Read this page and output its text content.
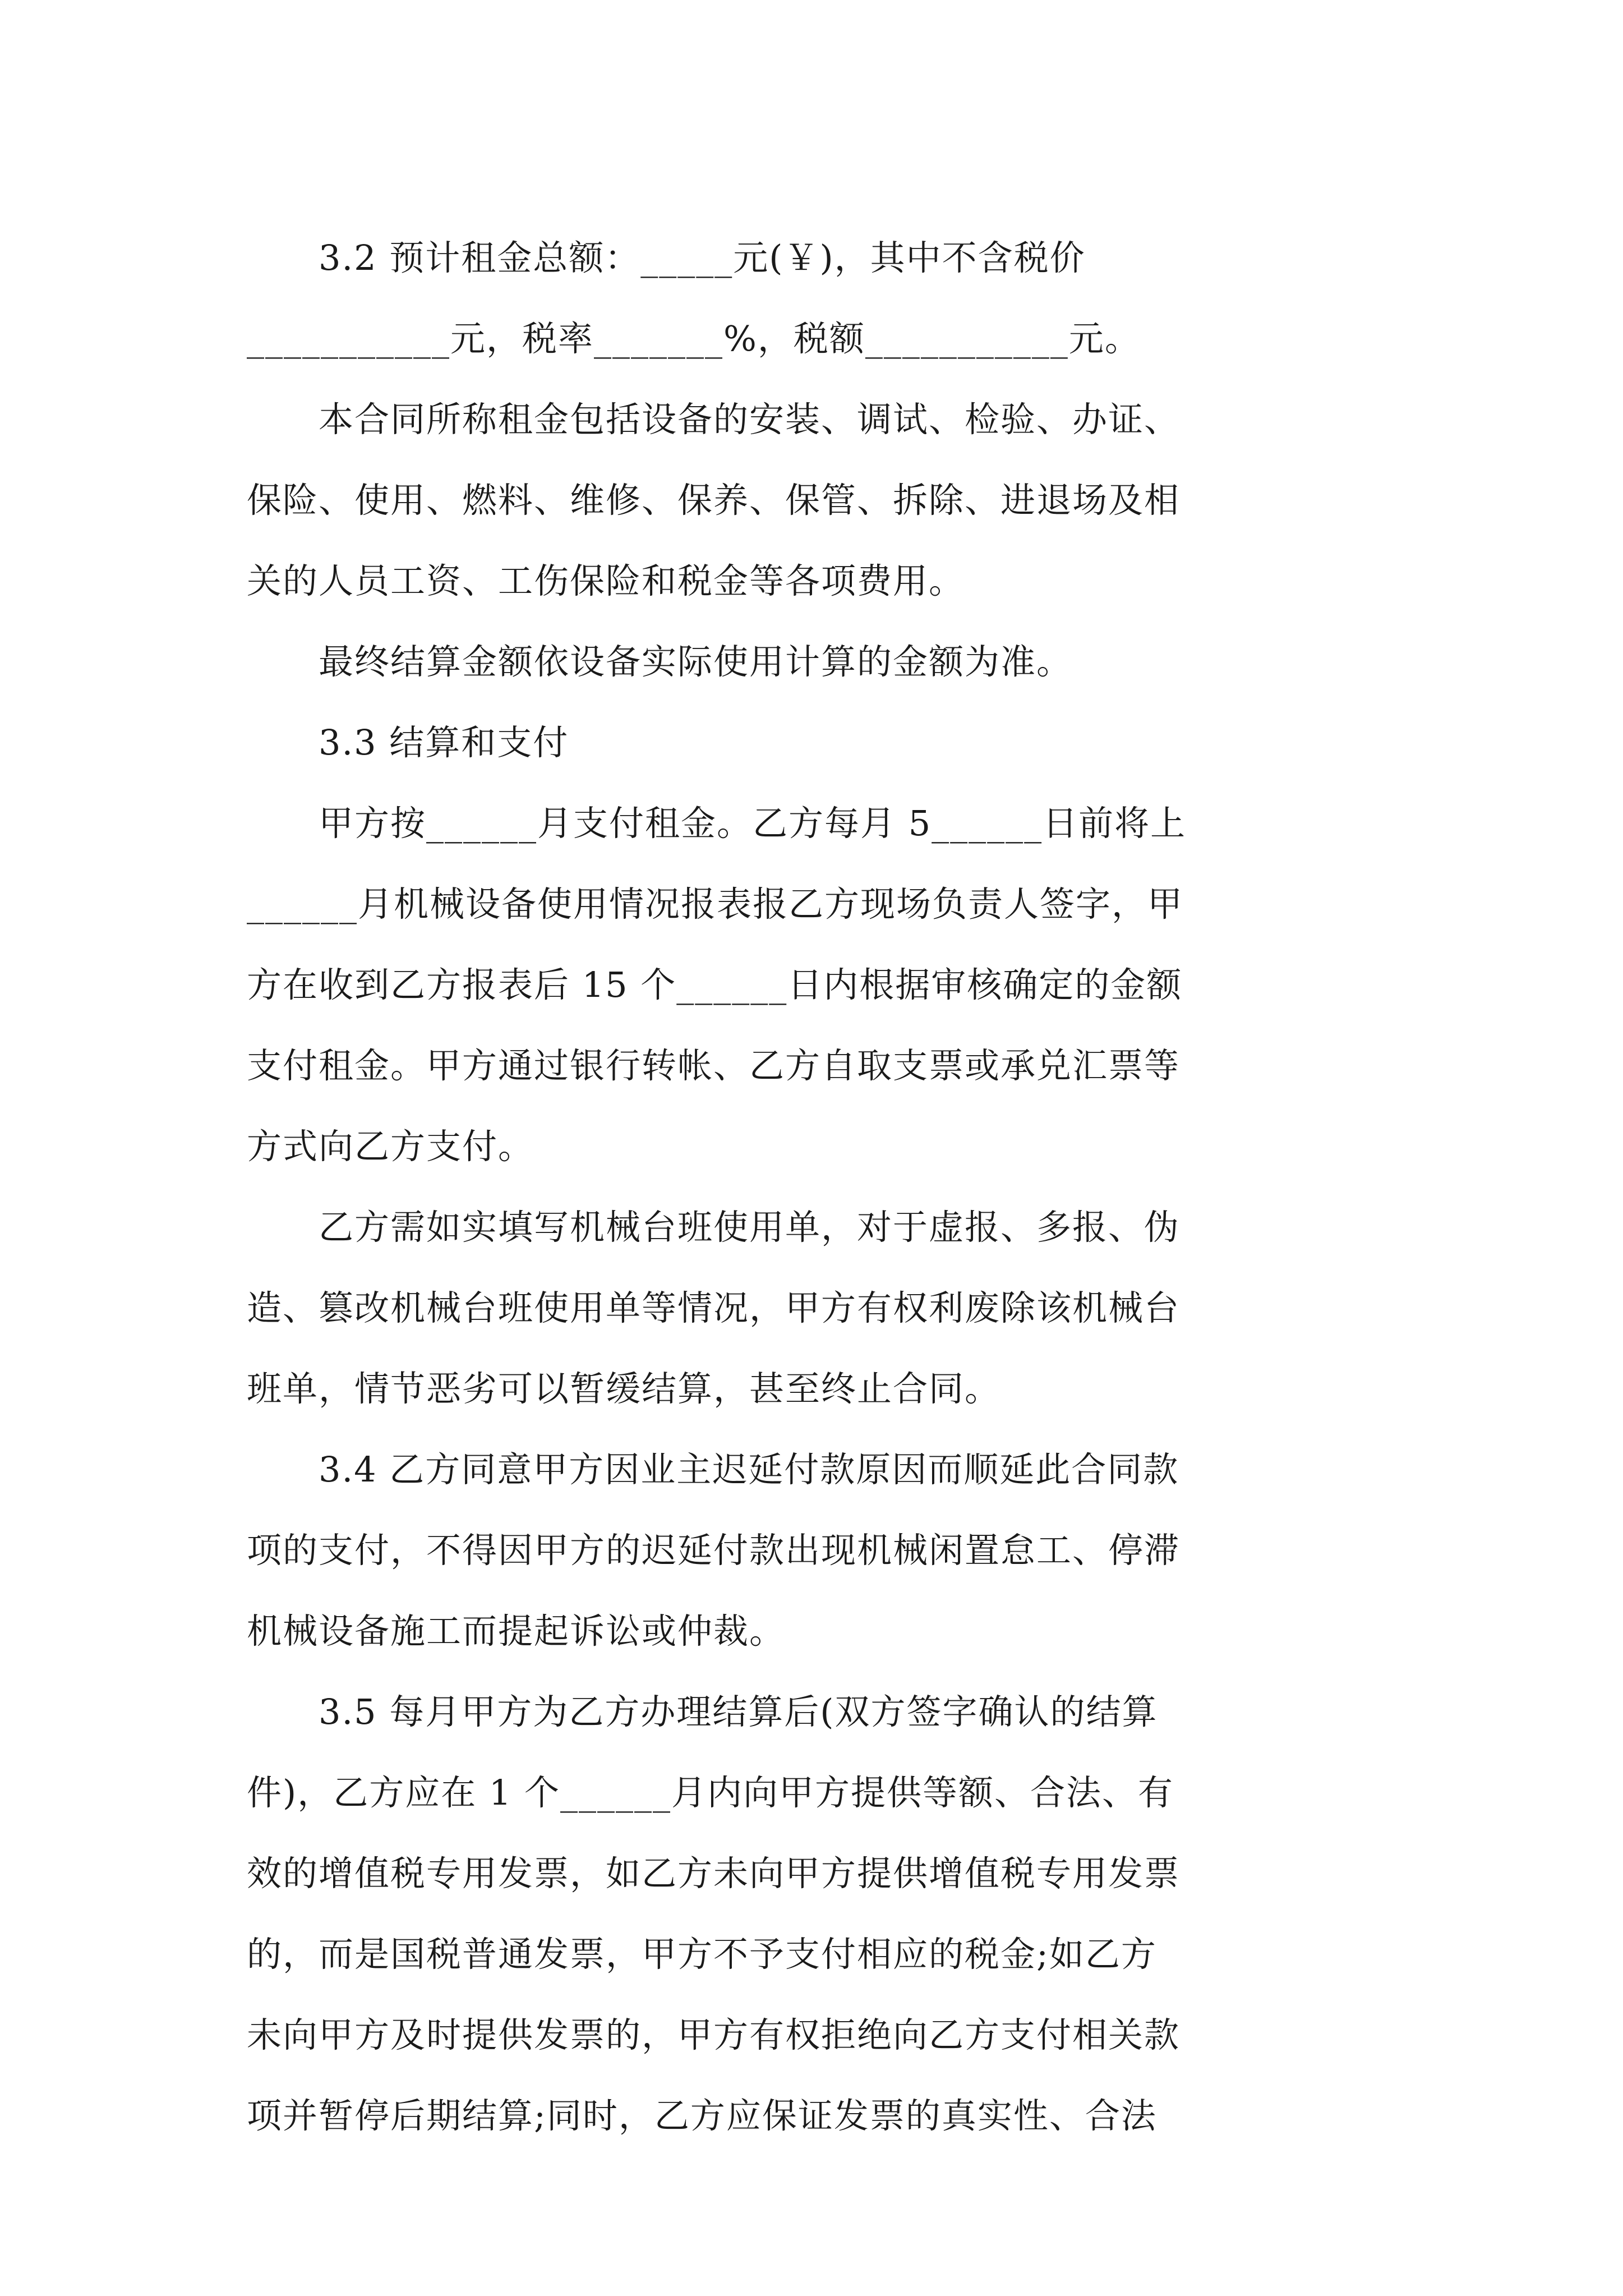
　　3.2 预计租金总额：_____元(￥)，其中不含税价

___________元，税率_______%，税额___________元。

　　本合同所称租金包括设备的安装、调试、检验、办证、

保险、使用、燃料、维修、保养、保管、拆除、进退场及相

关的人员工资、工伤保险和税金等各项费用。

　　最终结算金额依设备实际使用计算的金额为准。

　　3.3 结算和支付

　　甲方按______月支付租金。乙方每月 5______日前将上

______月机械设备使用情况报表报乙方现场负责人签字，甲

方在收到乙方报表后 15 个______日内根据审核确定的金额

支付租金。甲方通过银行转帐、乙方自取支票或承兑汇票等

方式向乙方支付。

　　乙方需如实填写机械台班使用单，对于虚报、多报、伪

造、篡改机械台班使用单等情况，甲方有权利废除该机械台

班单，情节恶劣可以暂缓结算，甚至终止合同。

　　3.4 乙方同意甲方因业主迟延付款原因而顺延此合同款

项的支付，不得因甲方的迟延付款出现机械闲置怠工、停滞

机械设备施工而提起诉讼或仲裁。

　　3.5 每月甲方为乙方办理结算后(双方签字确认的结算

件)，乙方应在 1 个______月内向甲方提供等额、合法、有

效的增值税专用发票，如乙方未向甲方提供增值税专用发票

的，而是国税普通发票，甲方不予支付相应的税金;如乙方

未向甲方及时提供发票的，甲方有权拒绝向乙方支付相关款

项并暂停后期结算;同时，乙方应保证发票的真实性、合法
